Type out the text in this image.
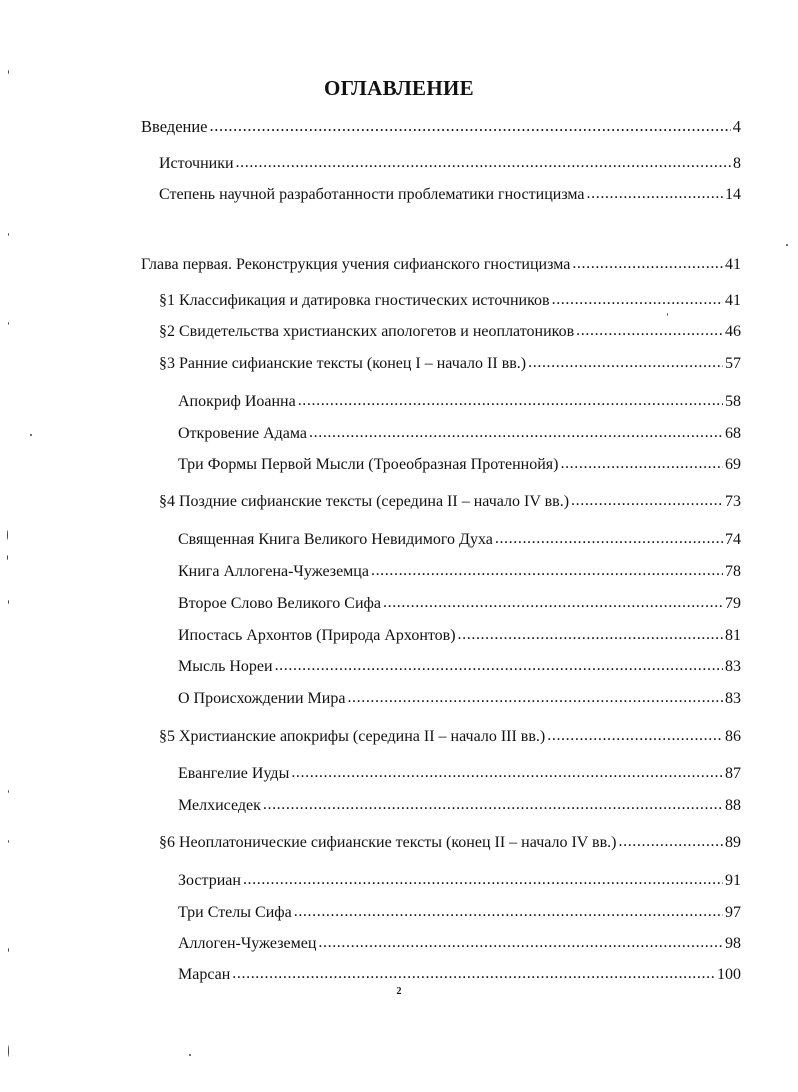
ОГЛАВЛЕНИЕ
Введение .....	4
Источники .....	8
Степень научной разработанности проблематики гностицизма .....	14
Глава первая. Реконструкция учения сифианского гностицизма .....	41
§1 Классификация и датировка гностических источников .....	41
§2 Свидетельства христианских апологетов и неоплатоников .....	46
§3 Ранние сифианские тексты (конец I – начало II вв.) .....	57
Апокриф Иоанна .....	58
Откровение Адама .....	68
Три Формы Первой Мысли (Троеобразная Протеннойя) .....	69
§4 Поздние сифианские тексты (середина II – начало IV вв.) .....	73
Священная Книга Великого Невидимого Духа .....	74
Книга Аллогена-Чужеземца .....	78
Второе Слово Великого Сифа .....	79
Ипостась Архонтов (Природа Архонтов) .....	81
Мысль Нореи .....	83
О Происхождении Мира .....	83
§5 Христианские апокрифы (середина II – начало III вв.) .....	86
Евангелие Иуды .....	87
Мелхиседек .....	88
§6 Неоплатонические сифианские тексты (конец II – начало IV вв.) .....	89
Зостриан .....	91
Три Стелы Сифа .....	97
Аллоген-Чужеземец .....	98
Марсан .....	100
2
